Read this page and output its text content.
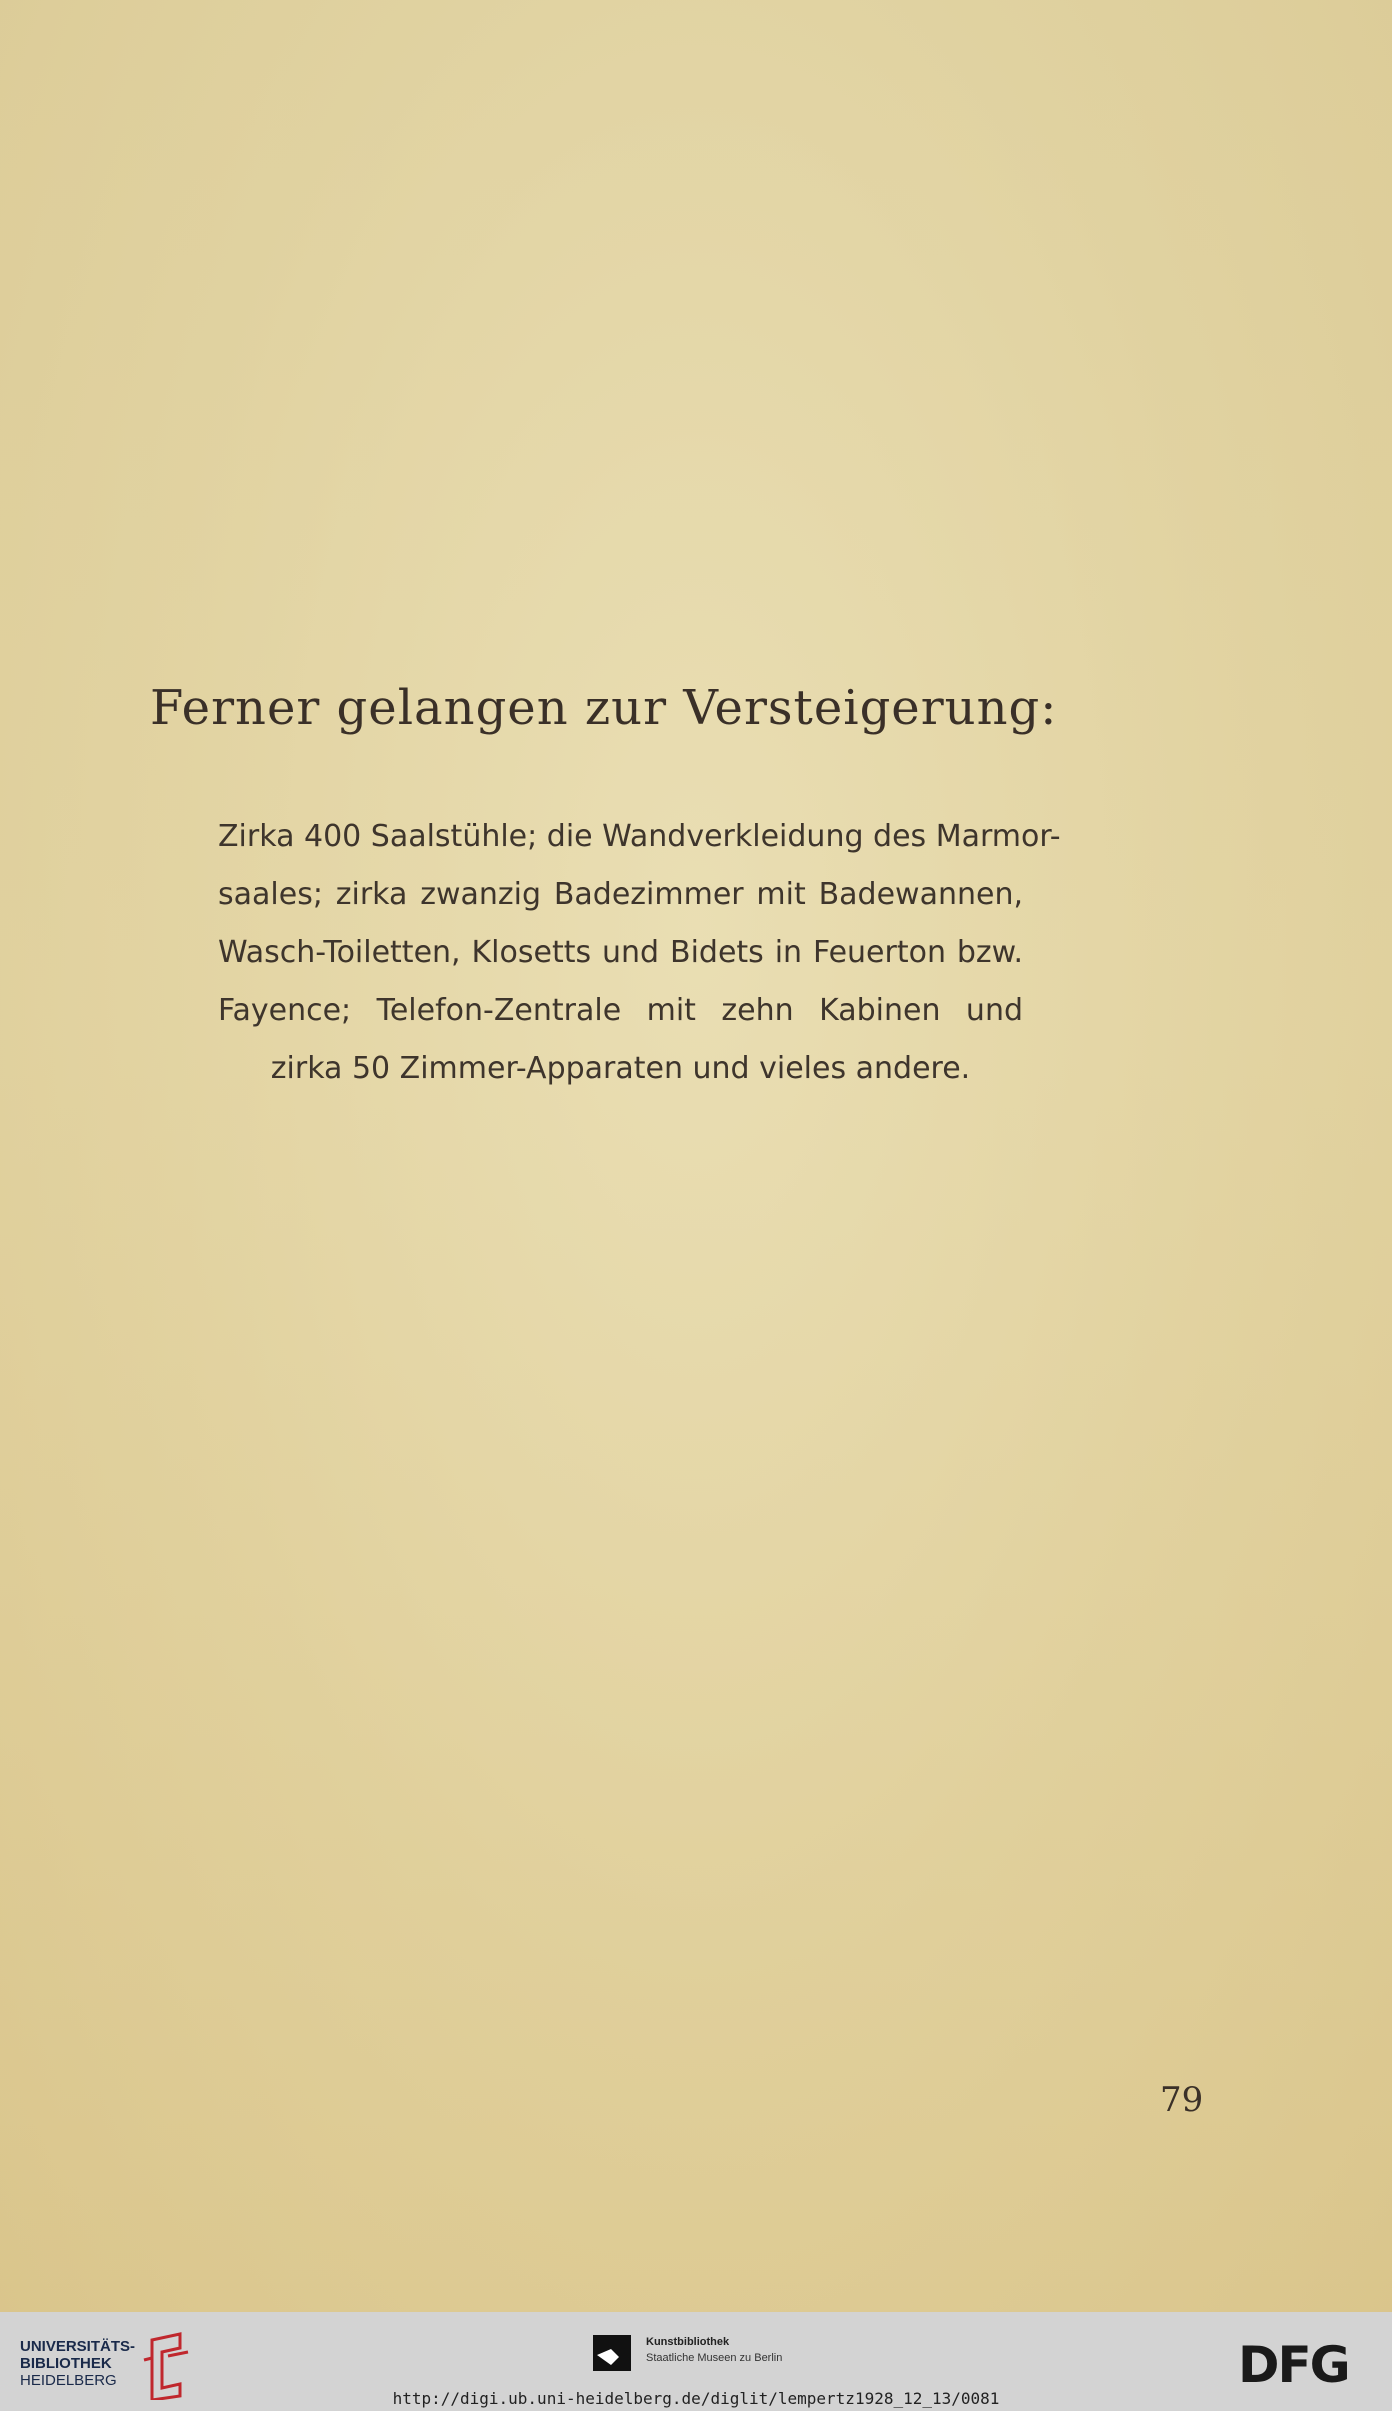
Ferner gelangen zur Versteigerung:
Zirka 400 Saalstühle; die Wandverkleidung des Marmor-
saales; zirka zwanzig Badezimmer mit Badewannen,
Wasch-Toiletten, Klosetts und Bidets in Feuerton bzw.
Fayence; Telefon-Zentrale mit zehn Kabinen und
zirka 50 Zimmer-Apparaten und vieles andere.
79
UNIVERSITÄTS-
BIBLIOTHEK
HEIDELBERG
Kunstbibliothek
Staatliche Museen zu Berlin	DFG
http://digi.ub.uni-heidelberg.de/diglit/lempertz1928_12_13/0081
